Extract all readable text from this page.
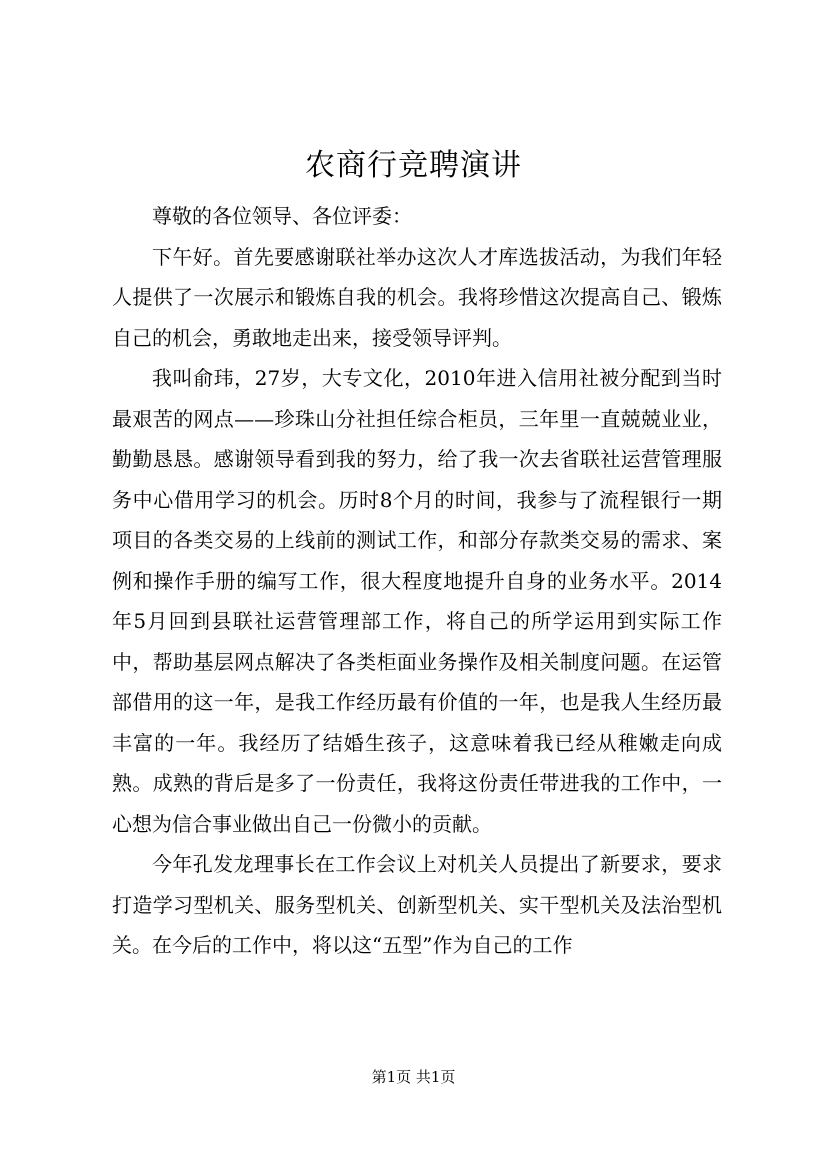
农商行竞聘演讲

尊敬的各位领导、各位评委：

下午好。首先要感谢联社举办这次人才库选拔活动，为我们年轻人提供了一次展示和锻炼自我的机会。我将珍惜这次提高自己、锻炼自己的机会，勇敢地走出来，接受领导评判。

我叫俞玮，27岁，大专文化，2010年进入信用社被分配到当时最艰苦的网点——珍珠山分社担任综合柜员，三年里一直兢兢业业，勤勤恳恳。感谢领导看到我的努力，给了我一次去省联社运营管理服务中心借用学习的机会。历时8个月的时间，我参与了流程银行一期项目的各类交易的上线前的测试工作，和部分存款类交易的需求、案例和操作手册的编写工作，很大程度地提升自身的业务水平。2014年5月回到县联社运营管理部工作，将自己的所学运用到实际工作中，帮助基层网点解决了各类柜面业务操作及相关制度问题。在运管部借用的这一年，是我工作经历最有价值的一年，也是我人生经历最丰富的一年。我经历了结婚生孩子，这意味着我已经从稚嫩走向成熟。成熟的背后是多了一份责任，我将这份责任带进我的工作中，一心想为信合事业做出自己一份微小的贡献。

今年孔发龙理事长在工作会议上对机关人员提出了新要求，要求打造学习型机关、服务型机关、创新型机关、实干型机关及法治型机关。在今后的工作中，将以这“五型”作为自己的工作

第1页 共1页
